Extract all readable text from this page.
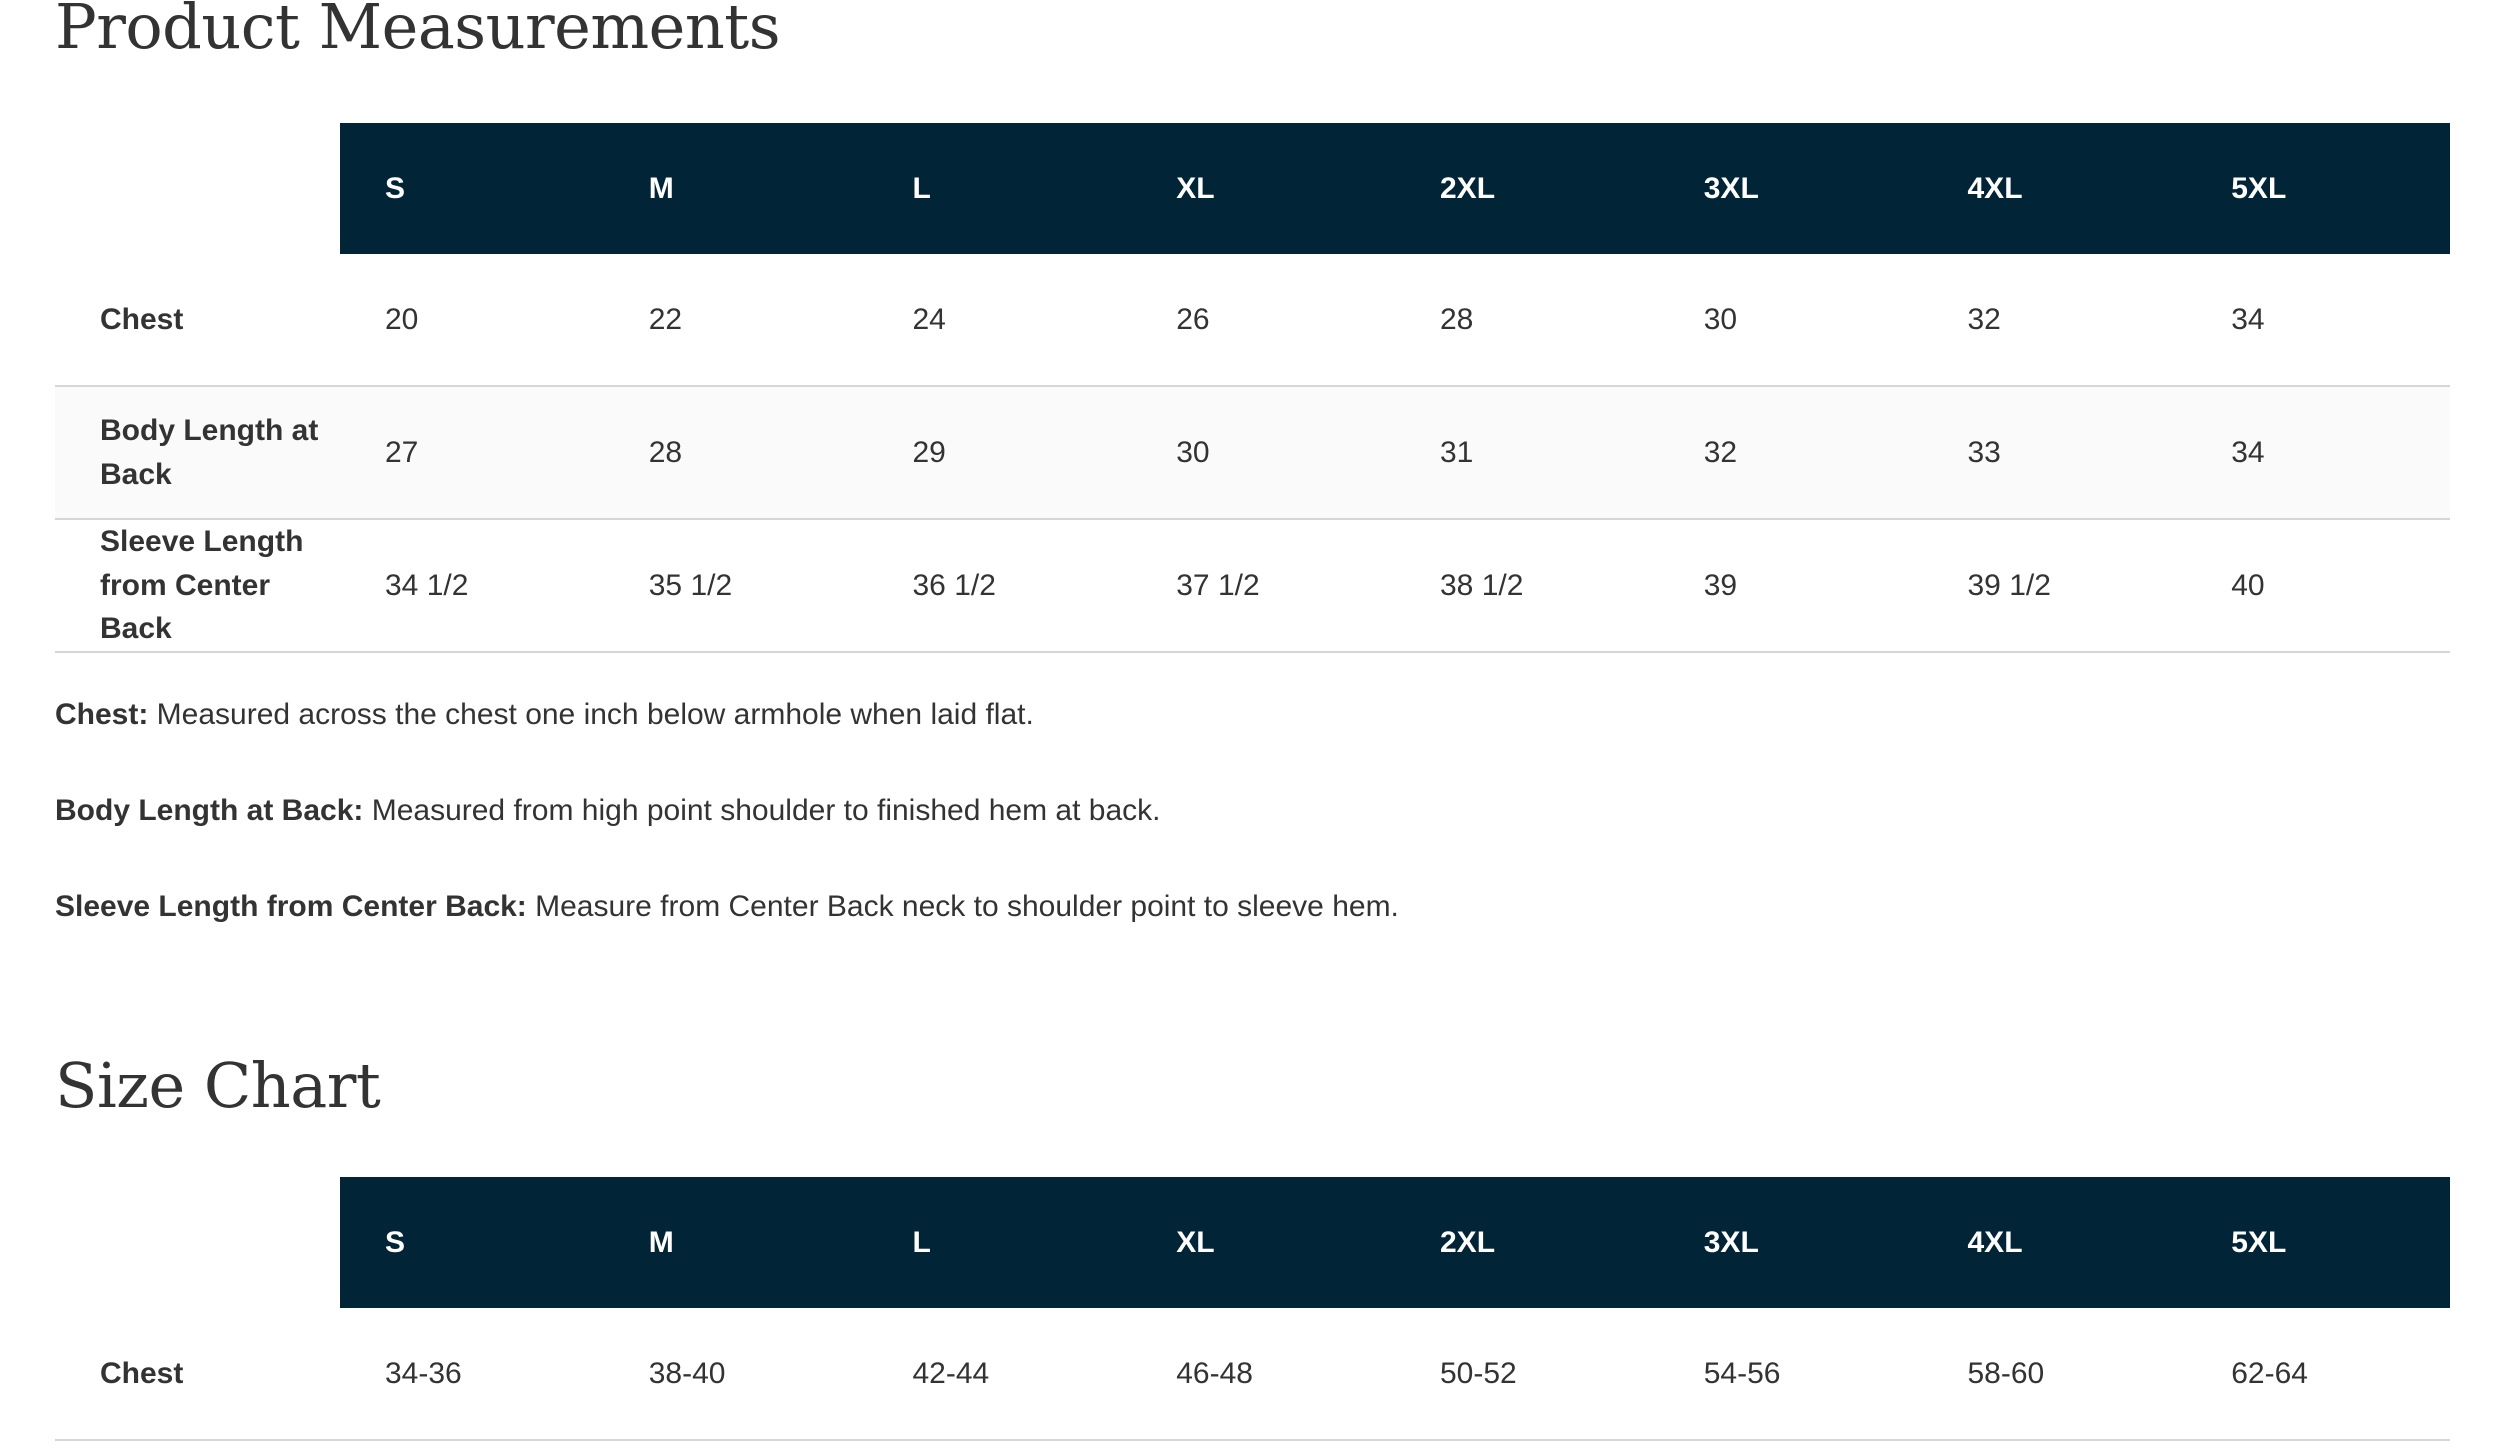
Product Measurements
	S	M	L	XL	2XL	3XL	4XL	5XL
Chest	20	22	24	26	28	30	32	34
Body Length at Back	27	28	29	30	31	32	33	34
Sleeve Length from Center Back	34 1/2	35 1/2	36 1/2	37 1/2	38 1/2	39	39 1/2	40

Chest: Measured across the chest one inch below armhole when laid flat.

Body Length at Back: Measured from high point shoulder to finished hem at back.

Sleeve Length from Center Back: Measure from Center Back neck to shoulder point to sleeve hem.

Size Chart
	S	M	L	XL	2XL	3XL	4XL	5XL
Chest	34-36	38-40	42-44	46-48	50-52	54-56	58-60	62-64
